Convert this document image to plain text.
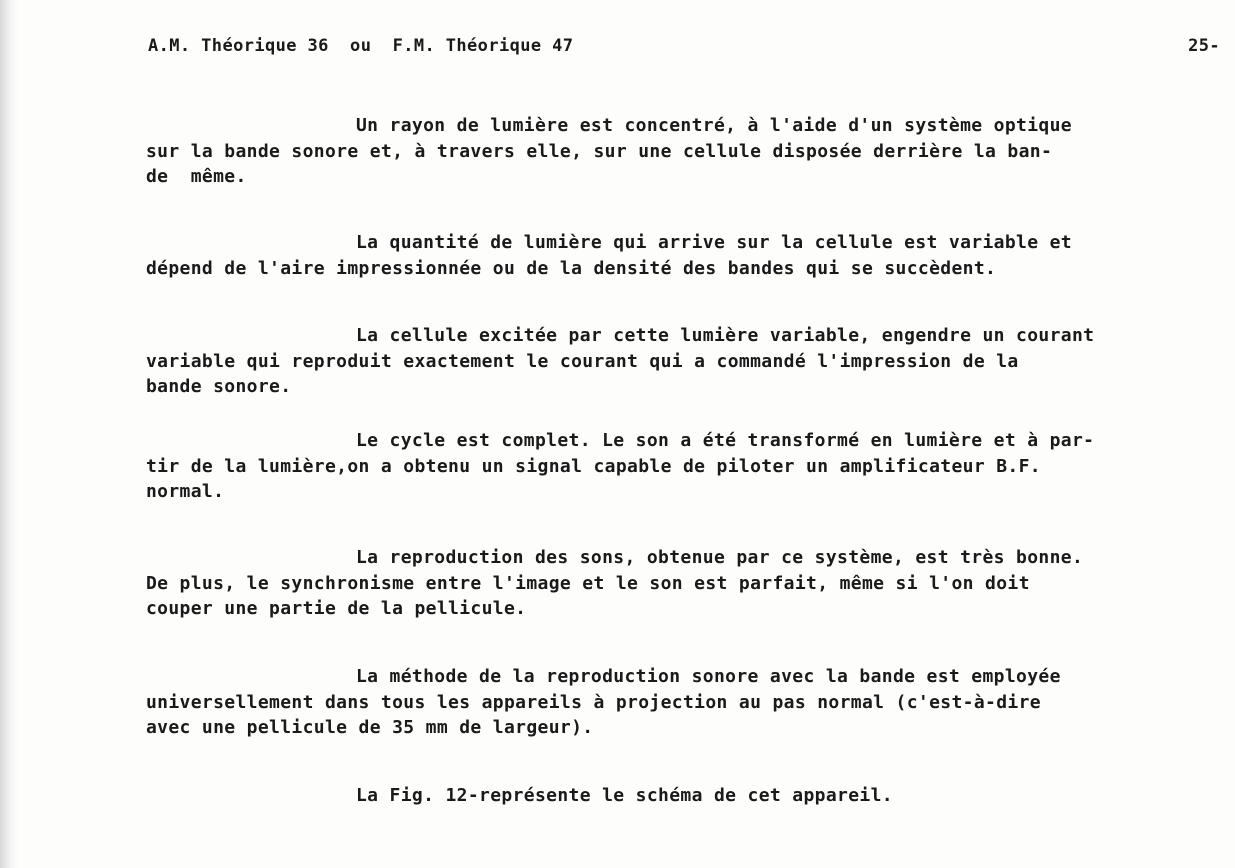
A.M. Théorique 36  ou  F.M. Théorique 47	25-

Un rayon de lumière est concentré, à l'aide d'un système optique
sur la bande sonore et, à travers elle, sur une cellule disposée derrière la ban-
de  même.

La quantité de lumière qui arrive sur la cellule est variable et
dépend de l'aire impressionnée ou de la densité des bandes qui se succèdent.

La cellule excitée par cette lumière variable, engendre un courant
variable qui reproduit exactement le courant qui a commandé l'impression de la
bande sonore.

Le cycle est complet. Le son a été transformé en lumière et à par-
tir de la lumière,on a obtenu un signal capable de piloter un amplificateur B.F.
normal.

La reproduction des sons, obtenue par ce système, est très bonne.
De plus, le synchronisme entre l'image et le son est parfait, même si l'on doit
couper une partie de la pellicule.

La méthode de la reproduction sonore avec la bande est employée
universellement dans tous les appareils à projection au pas normal (c'est-à-dire
avec une pellicule de 35 mm de largeur).

La Fig. 12-représente le schéma de cet appareil.
